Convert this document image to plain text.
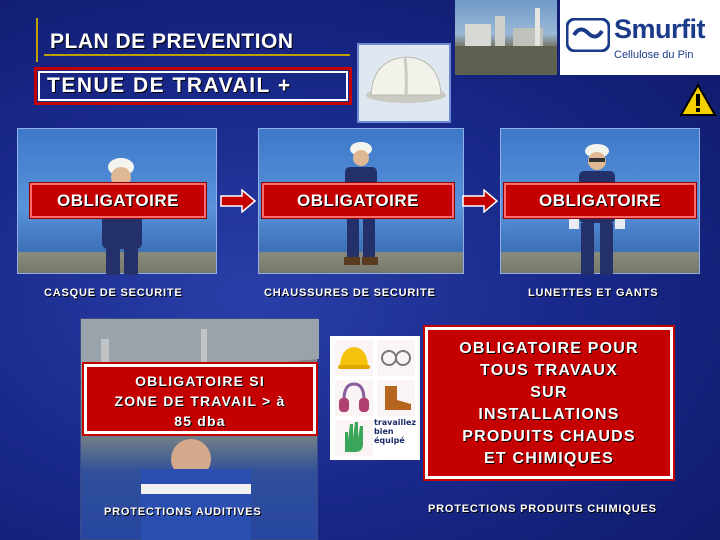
PLAN DE PREVENTION
TENUE DE TRAVAIL +
Smurfit
Cellulose du Pin
OBLIGATOIRE
CASQUE DE SECURITE
OBLIGATOIRE
CHAUSSURES DE SECURITE
OBLIGATOIRE
LUNETTES ET GANTS
OBLIGATOIRE SI
ZONE DE TRAVAIL > à
85 dba
PROTECTIONS AUDITIVES
travaillez
bien
équipé
OBLIGATOIRE POUR
TOUS TRAVAUX
SUR
INSTALLATIONS
PRODUITS CHAUDS
ET CHIMIQUES
PROTECTIONS PRODUITS CHIMIQUES
